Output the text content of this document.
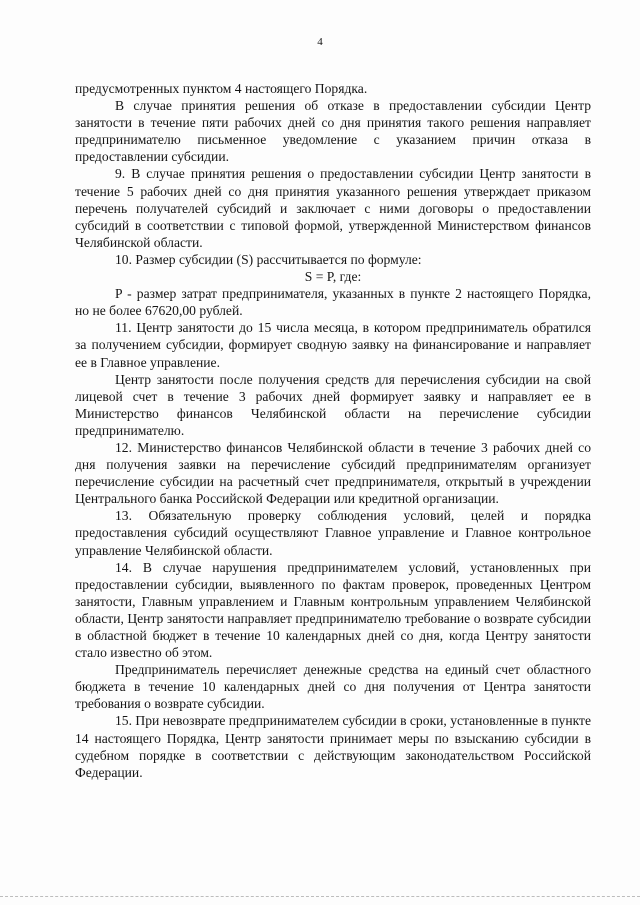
4

предусмотренных пунктом 4 настоящего Порядка.

В случае принятия решения об отказе в предоставлении субсидии Центр занятости в течение пяти рабочих дней со дня принятия такого решения направляет предпринимателю письменное уведомление с указанием причин отказа в предоставлении субсидии.

9. В случае принятия решения о предоставлении субсидии Центр занятости в течение 5 рабочих дней со дня принятия указанного решения утверждает приказом перечень получателей субсидий и заключает с ними договоры о предоставлении субсидий в соответствии с типовой формой, утвержденной Министерством финансов Челябинской области.

10. Размер субсидии (S) рассчитывается по формуле:

S = P, где:

P - размер затрат предпринимателя, указанных в пункте 2 настоящего Порядка, но не более 67620,00 рублей.

11. Центр занятости до 15 числа месяца, в котором предприниматель обратился за получением субсидии, формирует сводную заявку на финансирование и направляет ее в Главное управление.

Центр занятости после получения средств для перечисления субсидии на свой лицевой счет в течение 3 рабочих дней формирует заявку и направляет ее в Министерство финансов Челябинской области на перечисление субсидии предпринимателю.

12. Министерство финансов Челябинской области в течение 3 рабочих дней со дня получения заявки на перечисление субсидий предпринимателям организует перечисление субсидии на расчетный счет предпринимателя, открытый в учреждении Центрального банка Российской Федерации или кредитной организации.

13. Обязательную проверку соблюдения условий, целей и порядка предоставления субсидий осуществляют Главное управление и Главное контрольное управление Челябинской области.

14. В случае нарушения предпринимателем условий, установленных при предоставлении субсидии, выявленного по фактам проверок, проведенных Центром занятости, Главным управлением и Главным контрольным управлением Челябинской области, Центр занятости направляет предпринимателю требование о возврате субсидии в областной бюджет в течение 10 календарных дней со дня, когда Центру занятости стало известно об этом.

Предприниматель перечисляет денежные средства на единый счет областного бюджета в течение 10 календарных дней со дня получения от Центра занятости требования о возврате субсидии.

15. При невозврате предпринимателем субсидии в сроки, установленные в пункте 14 настоящего Порядка, Центр занятости принимает меры по взысканию субсидии в судебном порядке в соответствии с действующим законодательством Российской Федерации.
